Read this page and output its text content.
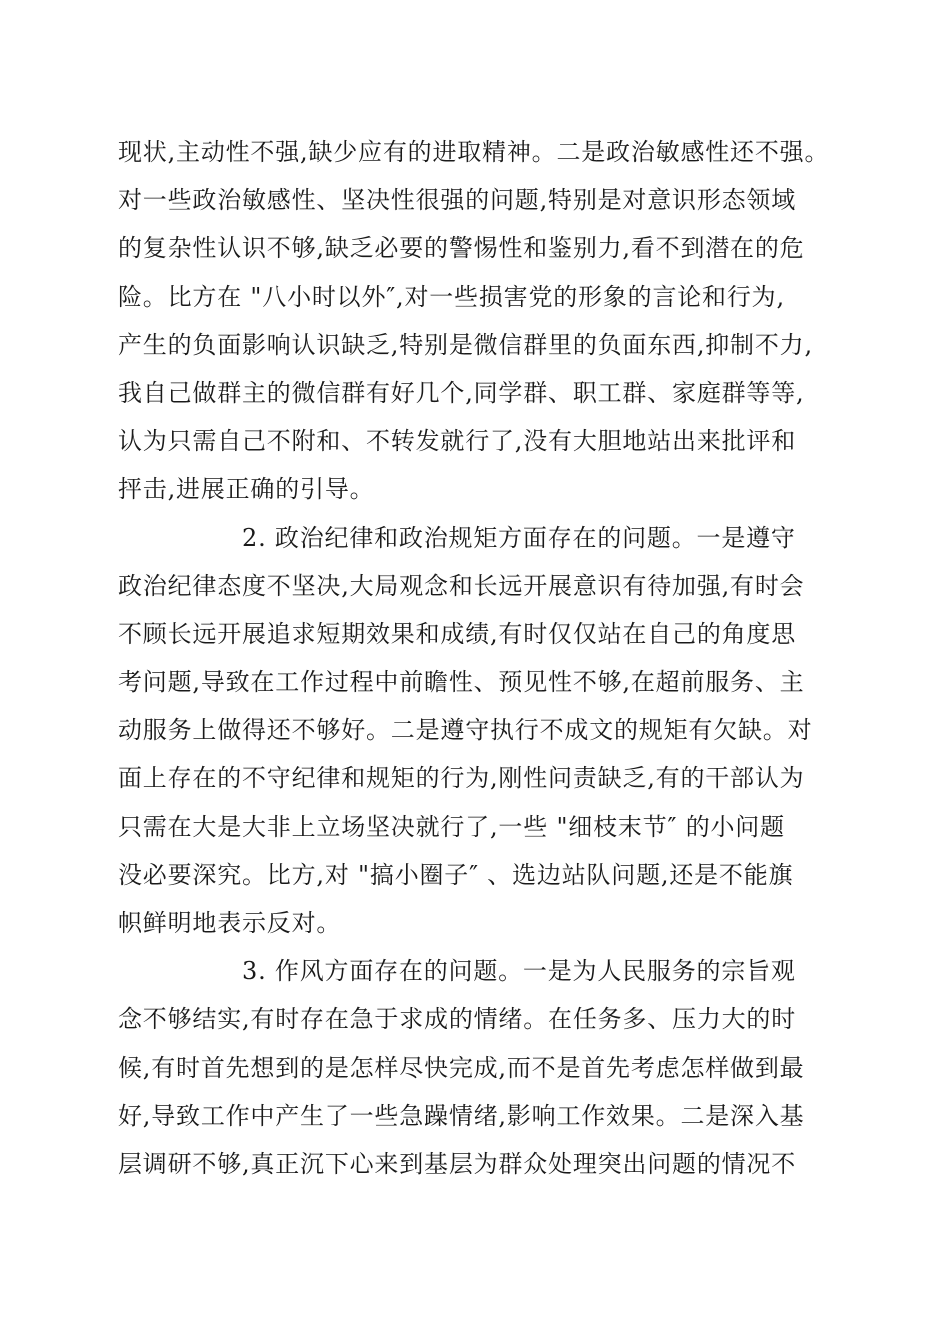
现状,主动性不强,缺少应有的进取精神。二是政治敏感性还不强。
对一些政治敏感性、坚决性很强的问题,特别是对意识形态领域
的复杂性认识不够,缺乏必要的警惕性和鉴别力,看不到潜在的危
险。比方在 "八小时以外″,对一些损害党的形象的言论和行为,
产生的负面影响认识缺乏,特别是微信群里的负面东西,抑制不力,
我自己做群主的微信群有好几个,同学群、职工群、家庭群等等,
认为只需自己不附和、不转发就行了,没有大胆地站出来批评和
抨击,进展正确的引导。
2. 政治纪律和政治规矩方面存在的问题。一是遵守
政治纪律态度不坚决,大局观念和长远开展意识有待加强,有时会
不顾长远开展追求短期效果和成绩,有时仅仅站在自己的角度思
考问题,导致在工作过程中前瞻性、预见性不够,在超前服务、主
动服务上做得还不够好。二是遵守执行不成文的规矩有欠缺。对
面上存在的不守纪律和规矩的行为,刚性问责缺乏,有的干部认为
只需在大是大非上立场坚决就行了,一些 "细枝末节″ 的小问题
没必要深究。比方,对 "搞小圈子″ 、选边站队问题,还是不能旗
帜鲜明地表示反对。
3. 作风方面存在的问题。一是为人民服务的宗旨观
念不够结实,有时存在急于求成的情绪。在任务多、压力大的时
候,有时首先想到的是怎样尽快完成,而不是首先考虑怎样做到最
好,导致工作中产生了一些急躁情绪,影响工作效果。二是深入基
层调研不够,真正沉下心来到基层为群众处理突出问题的情况不
